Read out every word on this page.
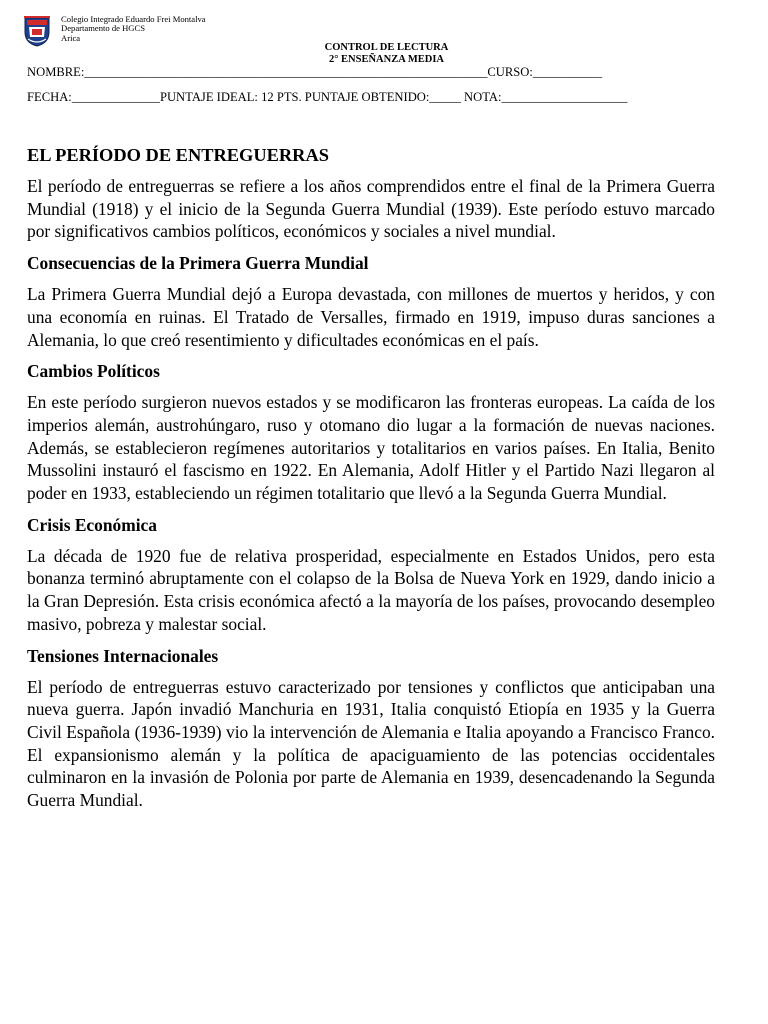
Colegio Integrado Eduardo Frei Montalva
Departamento de HGCS
Arica
CONTROL DE LECTURA
2° ENSEÑANZA MEDIA
NOMBRE:________________________________________________________________CURSO:___________
FECHA:______________PUNTAJE IDEAL: 12 PTS. PUNTAJE OBTENIDO:_____ NOTA:____________________
EL PERÍODO DE ENTREGUERRAS

El período de entreguerras se refiere a los años comprendidos entre el final de la Primera Guerra Mundial (1918) y el inicio de la Segunda Guerra Mundial (1939). Este período estuvo marcado por significativos cambios políticos, económicos y sociales a nivel mundial.

Consecuencias de la Primera Guerra Mundial

La Primera Guerra Mundial dejó a Europa devastada, con millones de muertos y heridos, y con una economía en ruinas. El Tratado de Versalles, firmado en 1919, impuso duras sanciones a Alemania, lo que creó resentimiento y dificultades económicas en el país.

Cambios Políticos

En este período surgieron nuevos estados y se modificaron las fronteras europeas. La caída de los imperios alemán, austrohúngaro, ruso y otomano dio lugar a la formación de nuevas naciones. Además, se establecieron regímenes autoritarios y totalitarios en varios países. En Italia, Benito Mussolini instauró el fascismo en 1922. En Alemania, Adolf Hitler y el Partido Nazi llegaron al poder en 1933, estableciendo un régimen totalitario que llevó a la Segunda Guerra Mundial.

Crisis Económica

La década de 1920 fue de relativa prosperidad, especialmente en Estados Unidos, pero esta bonanza terminó abruptamente con el colapso de la Bolsa de Nueva York en 1929, dando inicio a la Gran Depresión. Esta crisis económica afectó a la mayoría de los países, provocando desempleo masivo, pobreza y malestar social.

Tensiones Internacionales

El período de entreguerras estuvo caracterizado por tensiones y conflictos que anticipaban una nueva guerra. Japón invadió Manchuria en 1931, Italia conquistó Etiopía en 1935 y la Guerra Civil Española (1936-1939) vio la intervención de Alemania e Italia apoyando a Francisco Franco. El expansionismo alemán y la política de apaciguamiento de las potencias occidentales culminaron en la invasión de Polonia por parte de Alemania en 1939, desencadenando la Segunda Guerra Mundial.
